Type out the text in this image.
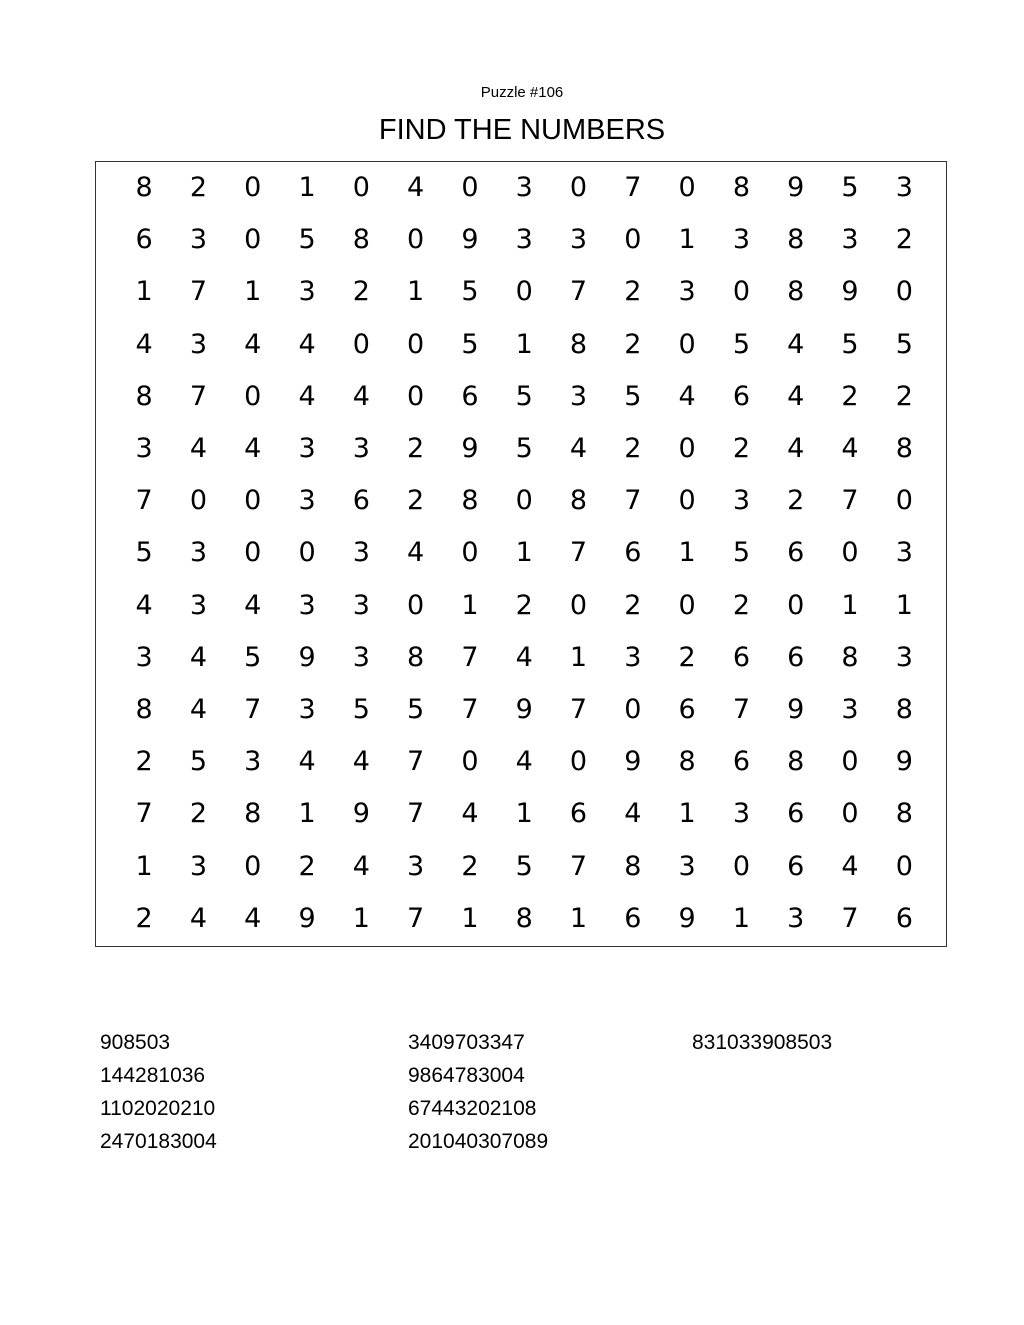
Puzzle #106
FIND THE NUMBERS
8	2	0	1	0	4	0	3	0	7	0	8	9	5	3
6	3	0	5	8	0	9	3	3	0	1	3	8	3	2
1	7	1	3	2	1	5	0	7	2	3	0	8	9	0
4	3	4	4	0	0	5	1	8	2	0	5	4	5	5
8	7	0	4	4	0	6	5	3	5	4	6	4	2	2
3	4	4	3	3	2	9	5	4	2	0	2	4	4	8
7	0	0	3	6	2	8	0	8	7	0	3	2	7	0
5	3	0	0	3	4	0	1	7	6	1	5	6	0	3
4	3	4	3	3	0	1	2	0	2	0	2	0	1	1
3	4	5	9	3	8	7	4	1	3	2	6	6	8	3
8	4	7	3	5	5	7	9	7	0	6	7	9	3	8
2	5	3	4	4	7	0	4	0	9	8	6	8	0	9
7	2	8	1	9	7	4	1	6	4	1	3	6	0	8
1	3	0	2	4	3	2	5	7	8	3	0	6	4	0
2	4	4	9	1	7	1	8	1	6	9	1	3	7	6
908503
144281036
1102020210
2470183004
3409703347
9864783004
67443202108
201040307089
831033908503
